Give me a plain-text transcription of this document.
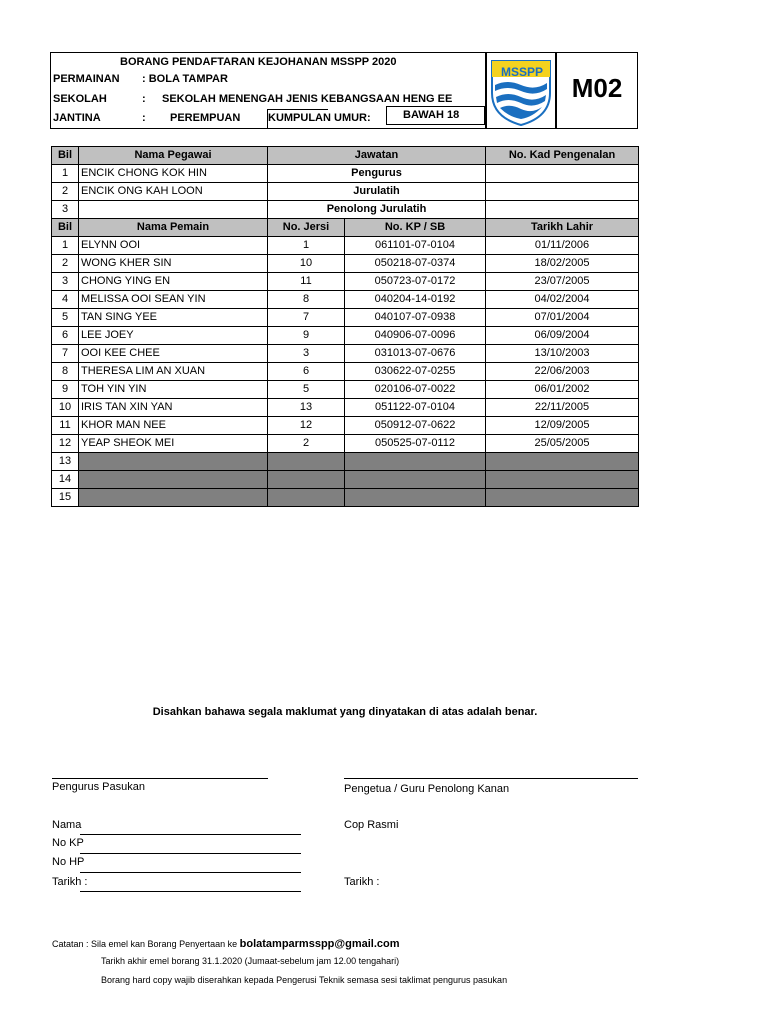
BORANG PENDAFTARAN KEJOHANAN MSSPP 2020
PERMAINAN : BOLA TAMPAR
SEKOLAH	: SEKOLAH MENENGAH JENIS KEBANGSAAN HENG EE
JANTINA	: PEREMPUAN	KUMPULAN UMUR:	BAWAH 18
MSSPP
M02
Bil	Nama Pegawai	Jawatan		No. Kad Pengenalan
1	ENCIK CHONG KOK HIN	Pengurus		
2	ENCIK ONG KAH LOON	Jurulatih		
3		Penolong Jurulatih		
Bil	Nama Pemain	No. Jersi	No. KP / SB	Tarikh Lahir
1	ELYNN OOI	1	061101-07-0104	01/11/2006
2	WONG KHER SIN	10	050218-07-0374	18/02/2005
3	CHONG YING EN	11	050723-07-0172	23/07/2005
4	MELISSA OOI SEAN YIN	8	040204-14-0192	04/02/2004
5	TAN SING YEE	7	040107-07-0938	07/01/2004
6	LEE JOEY	9	040906-07-0096	06/09/2004
7	OOI KEE CHEE	3	031013-07-0676	13/10/2003
8	THERESA LIM AN XUAN	6	030622-07-0255	22/06/2003
9	TOH YIN YIN	5	020106-07-0022	06/01/2002
10	IRIS TAN XIN YAN	13	051122-07-0104	22/11/2005
11	KHOR MAN NEE	12	050912-07-0622	12/09/2005
12	YEAP SHEOK MEI	2	050525-07-0112	25/05/2005
13				
14				
15				
Disahkan bahawa segala maklumat yang dinyatakan di atas adalah benar.
Pengurus Pasukan	Pengetua / Guru Penolong Kanan
Nama
No KP
No HP
Tarikh :
Cop Rasmi
Tarikh :
Catatan : Sila emel kan Borang Penyertaan ke bolatamparmsspp@gmail.com
Tarikh akhir emel borang 31.1.2020 (Jumaat-sebelum jam 12.00 tengahari)
Borang hard copy wajib diserahkan kepada Pengerusi Teknik semasa sesi taklimat pengurus pasukan
